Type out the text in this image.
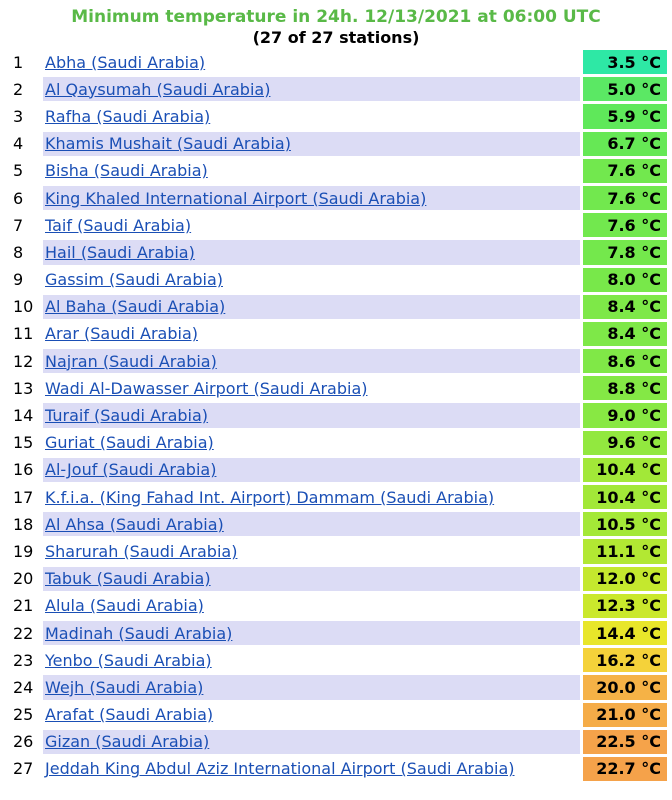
Minimum temperature in 24h. 12/13/2021 at 06:00 UTC
(27 of 27 stations)
1	Abha (Saudi Arabia)	3.5 °C
2	Al Qaysumah (Saudi Arabia)	5.0 °C
3	Rafha (Saudi Arabia)	5.9 °C
4	Khamis Mushait (Saudi Arabia)	6.7 °C
5	Bisha (Saudi Arabia)	7.6 °C
6	King Khaled International Airport (Saudi Arabia)	7.6 °C
7	Taif (Saudi Arabia)	7.6 °C
8	Hail (Saudi Arabia)	7.8 °C
9	Gassim (Saudi Arabia)	8.0 °C
10	Al Baha (Saudi Arabia)	8.4 °C
11	Arar (Saudi Arabia)	8.4 °C
12	Najran (Saudi Arabia)	8.6 °C
13	Wadi Al-Dawasser Airport (Saudi Arabia)	8.8 °C
14	Turaif (Saudi Arabia)	9.0 °C
15	Guriat (Saudi Arabia)	9.6 °C
16	Al-Jouf (Saudi Arabia)	10.4 °C
17	K.f.i.a. (King Fahad Int. Airport) Dammam (Saudi Arabia)	10.4 °C
18	Al Ahsa (Saudi Arabia)	10.5 °C
19	Sharurah (Saudi Arabia)	11.1 °C
20	Tabuk (Saudi Arabia)	12.0 °C
21	Alula (Saudi Arabia)	12.3 °C
22	Madinah (Saudi Arabia)	14.4 °C
23	Yenbo (Saudi Arabia)	16.2 °C
24	Wejh (Saudi Arabia)	20.0 °C
25	Arafat (Saudi Arabia)	21.0 °C
26	Gizan (Saudi Arabia)	22.5 °C
27	Jeddah King Abdul Aziz International Airport (Saudi Arabia)	22.7 °C
